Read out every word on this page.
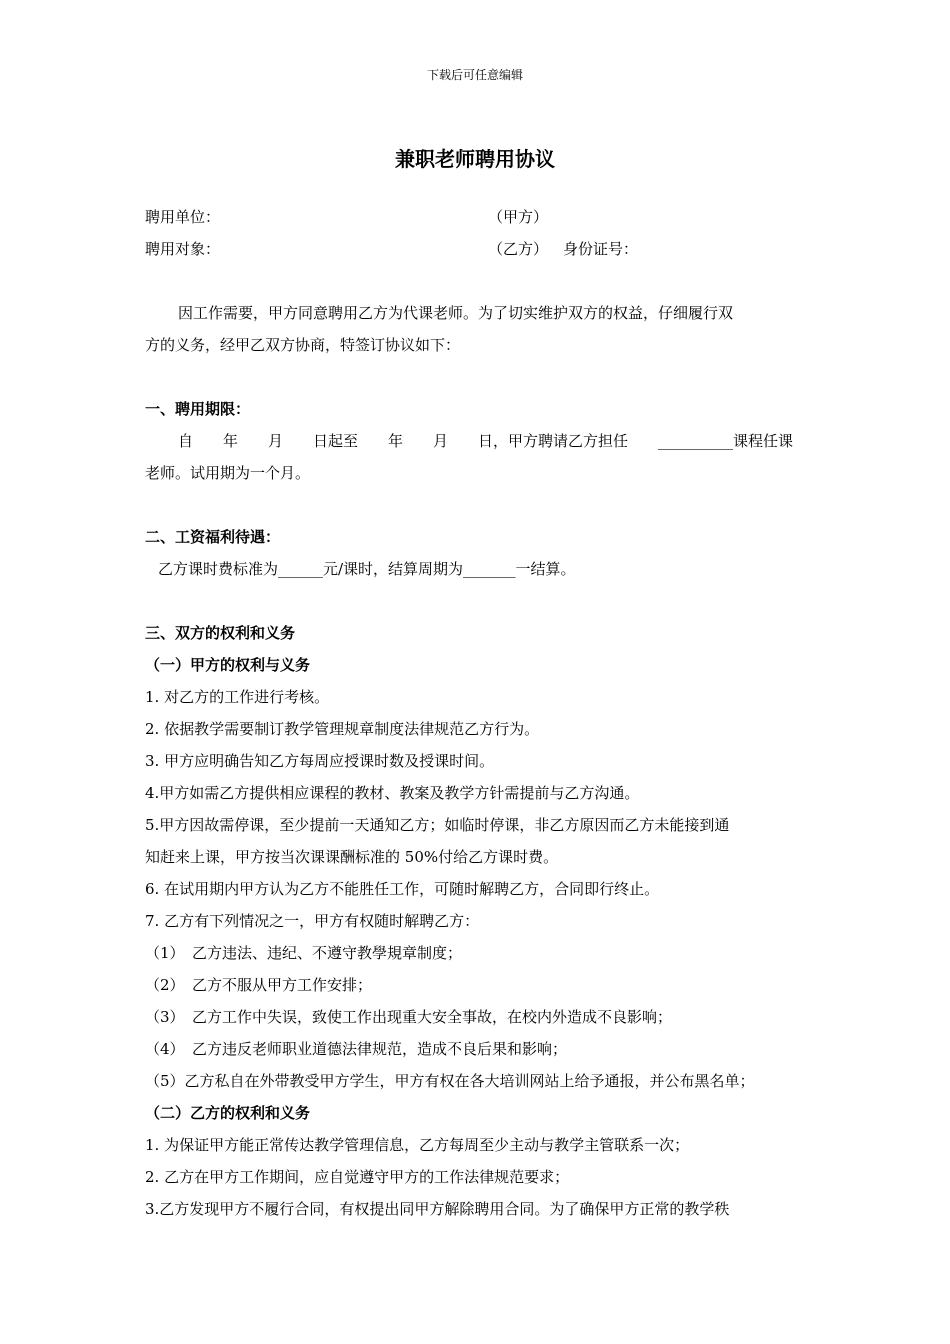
下载后可任意编辑
兼职老师聘用协议
聘用单位：	（甲方）
聘用对象：	（乙方） 身份证号：
因工作需要，甲方同意聘用乙方为代课老师。为了切实维护双方的权益，仔细履行双
方的义务，经甲乙双方协商，特签订协议如下：
一、聘用期限：
自　　年　　月　　日起至　　年　　月　　日，甲方聘请乙方担任　　__________课程任课
老师。试用期为一个月。
二、工资福利待遇：
乙方课时费标准为______元/课时，结算周期为_______一结算。
三、双方的权利和义务
（一）甲方的权利与义务
1. 对乙方的工作进行考核。
2. 依据教学需要制订教学管理规章制度法律规范乙方行为。
3. 甲方应明确告知乙方每周应授课时数及授课时间。
4.甲方如需乙方提供相应课程的教材、教案及教学方针需提前与乙方沟通。
5.甲方因故需停课，至少提前一天通知乙方；如临时停课，非乙方原因而乙方未能接到通
知赶来上课，甲方按当次课课酬标准的 50%付给乙方课时费。
6. 在试用期内甲方认为乙方不能胜任工作，可随时解聘乙方，合同即行终止。
7. 乙方有下列情况之一，甲方有权随时解聘乙方：
（1）　乙方违法、违纪、不遵守教學規章制度；
（2）　乙方不服从甲方工作安排；
（3）　乙方工作中失误，致使工作出现重大安全事故，在校内外造成不良影响；
（4）　乙方违反老师职业道德法律规范，造成不良后果和影响；
（5）乙方私自在外带教受甲方学生，甲方有权在各大培训网站上给予通报，并公布黑名单；
（二）乙方的权利和义务
1. 为保证甲方能正常传达教学管理信息，乙方每周至少主动与教学主管联系一次；
2. 乙方在甲方工作期间，应自觉遵守甲方的工作法律规范要求；
3.乙方发现甲方不履行合同，有权提出同甲方解除聘用合同。为了确保甲方正常的教学秩
